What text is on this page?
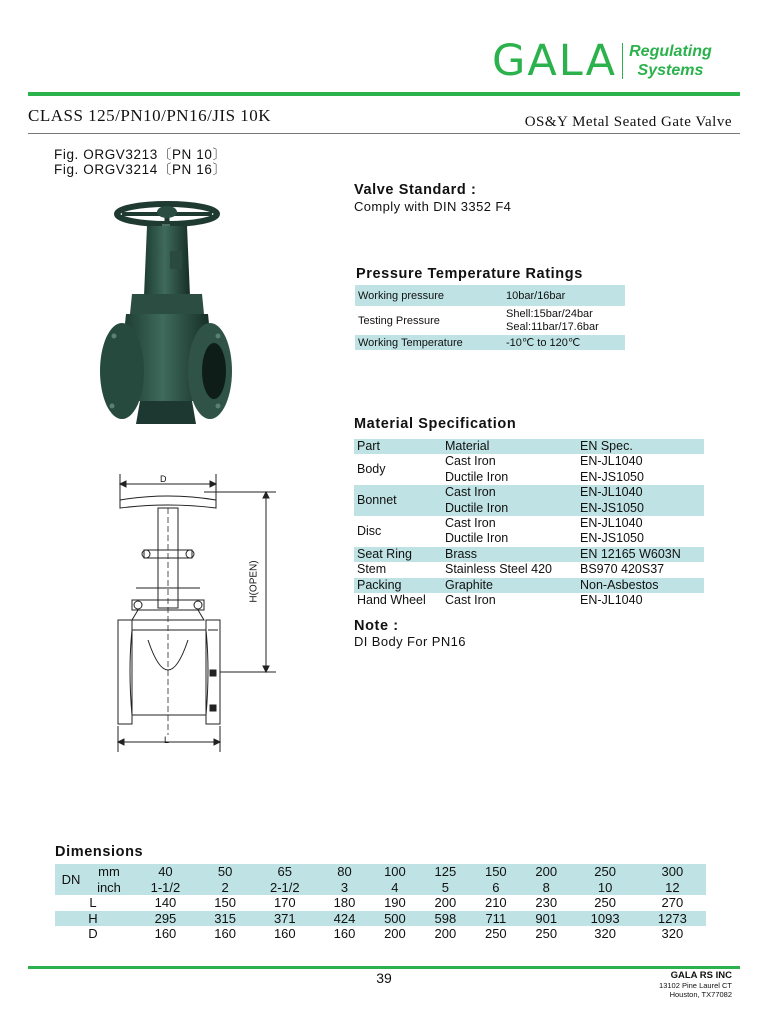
GALA Regulating
Systems
CLASS 125/PN10/PN16/JIS 10K	OS&Y Metal Seated Gate Valve
Fig. ORGV3213〔PN 10〕
Fig. ORGV3214〔PN 16〕
D
L
H(OPEN)
Valve Standard :
Comply with DIN 3352 F4
Pressure Temperature Ratings
Working pressure	10bar/16bar
Testing Pressure	Shell:15bar/24bar
Seal:11bar/17.6bar

Working Temperature	-10℃ to 120℃
Material Specification
Part	Material	EN Spec.
Body	Cast Iron	EN-JL1040
	Ductile Iron	EN-JS1050
Bonnet	Cast Iron	EN-JL1040
	Ductile Iron	EN-JS1050
Disc	Cast Iron	EN-JL1040
	Ductile Iron	EN-JS1050
Seat Ring	Brass	EN 12165 W603N
Stem	Stainless Steel 420	BS970 420S37
Packing	Graphite	Non-Asbestos
Hand Wheel	Cast Iron	EN-JL1040
Note :
DI Body For PN16
Dimensions
DN	mm	40	50	65	80	100	125	150	200	250	300
	inch	1-1/2	2	2-1/2	3	4	5	6	8	10	12
L		140	150	170	180	190	200	210	230	250	270
H		295	315	371	424	500	598	711	901	1093	1273
D		160	160	160	160	200	200	250	250	320	320
39	GALA RS INC
13102 Pine Laurel CT
Houston, TX77082
